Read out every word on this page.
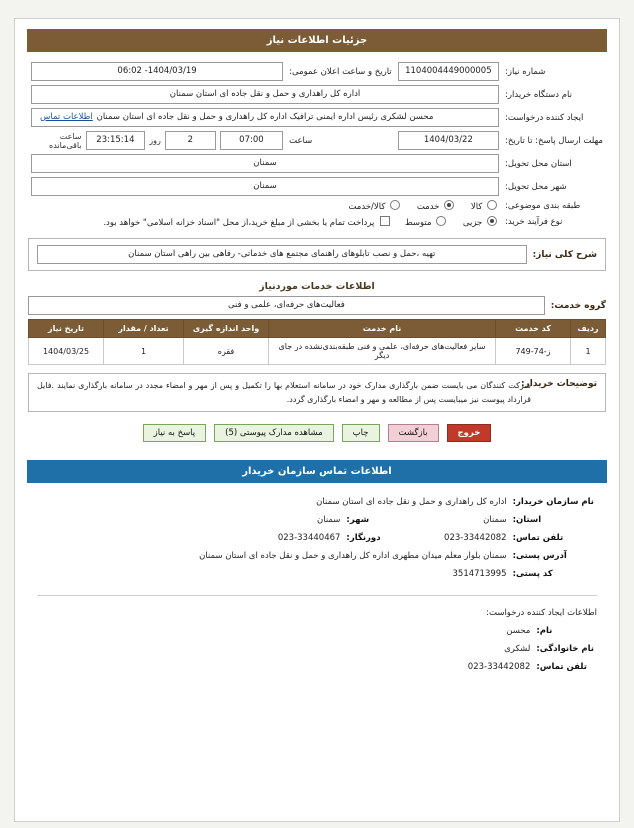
جزئیات اطلاعات نیاز
شماره نیاز:	1104004449000005	تاریخ و ساعت اعلان عمومی:	1404/03/19- 06:02

نام دستگاه خریدار:	اداره کل راهداری و حمل و نقل جاده ای استان سمنان		

ایجاد کننده درخواست:	محسن لشکری رئیس اداره ایمنی ترافیک اداره کل راهداری و حمل و نقل جاده ای استان سمنان
اطلاعات تماس		

مهلت ارسال پاسخ: تا تاریخ:	1404/03/22	ساعت	07:00
2
روز
23:15:14
ساعت باقی‌مانده

استان محل تحویل:	سمنان		

شهر محل تحویل:	سمنان		

طبقه بندی موضوعی:	کالا  خدمت  کالا/خدمت		
نوع فرآیند خرید:	جزیی  متوسط  پرداخت تمام یا بخشی از مبلغ خرید،از محل "اسناد خزانه اسلامی" خواهد بود.		
شرح کلی نیاز:
تهیه ،حمل و نصب تابلوهای راهنمای مجتمع های خدماتی- رفاهی بین راهی استان سمنان
اطلاعات خدمات موردنیاز
گروه خدمت:
فعالیت‌های حرفه‌ای، علمی و فنی
ردیف	کد خدمت	نام خدمت	واحد اندازه گیری	تعداد / مقدار	تاریخ نیاز
1	ز-74-749	سایر فعالیت‌های حرفه‌ای، علمی و فنی طبقه‌بندی‌نشده در جای دیگر	فقره	1	1404/03/25
توضیحات خریدار:
شرکت کنندگان می بایست ضمن بارگذاری مدارک خود در سامانه استعلام بها را تکمیل و پس از مهر و امضاء مجدد در سامانه بارگذاری نمایند .فایل قرارداد پیوست نیز میبایست پس از مطالعه و مهر و امضاء بارگذاری گردد.
خروج
بازگشت
چاپ
مشاهده مدارک پیوستی (5)
پاسخ به نیاز
اطلاعات تماس سازمان خریدار
نام سازمان خریدار:	اداره کل راهداری و حمل و نقل جاده ای استان سمنان		
استان:	سمنان	شهر:	سمنان
تلفن تماس:	023-33442082	دورنگار:	023-33440467
آدرس پستی:	سمنان بلوار معلم میدان مطهری اداره کل راهداری و حمل و نقل جاده ای استان سمنان		
کد پستی:	3514713995		
اطلاعات ایجاد کننده درخواست:
نام:	محسن
نام خانوادگی:	لشکری
تلفن تماس:	023-33442082
